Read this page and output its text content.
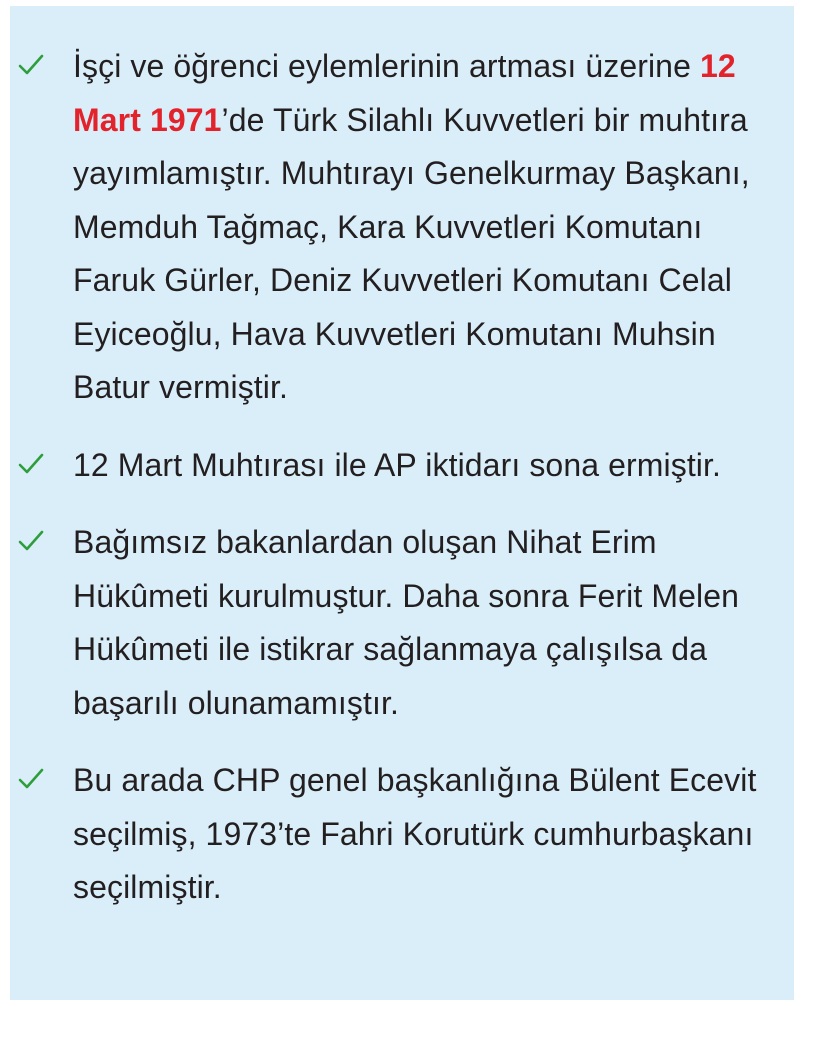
İşçi ve öğrenci eylemlerinin artması üzerine 12 Mart 1971’de Türk Silahlı Kuvvetleri bir muhtıra yayımlamıştır. Muhtırayı Genelkurmay Başkanı, Memduh Tağmaç, Kara Kuvvetleri Komutanı Faruk Gürler, Deniz Kuvvetleri Komutanı Celal Eyiceoğlu, Hava Kuvvetleri Komutanı Muhsin Batur vermiştir.

12 Mart Muhtırası ile AP iktidarı sona ermiştir.

Bağımsız bakanlardan oluşan Nihat Erim Hükûmeti kurulmuştur. Daha sonra Ferit Melen Hükûmeti ile istikrar sağlanmaya çalışılsa da başarılı olunamamıştır.

Bu arada CHP genel başkanlığına Bülent Ecevit seçilmiş, 1973’te Fahri Korutürk cumhurbaşkanı seçilmiştir.
